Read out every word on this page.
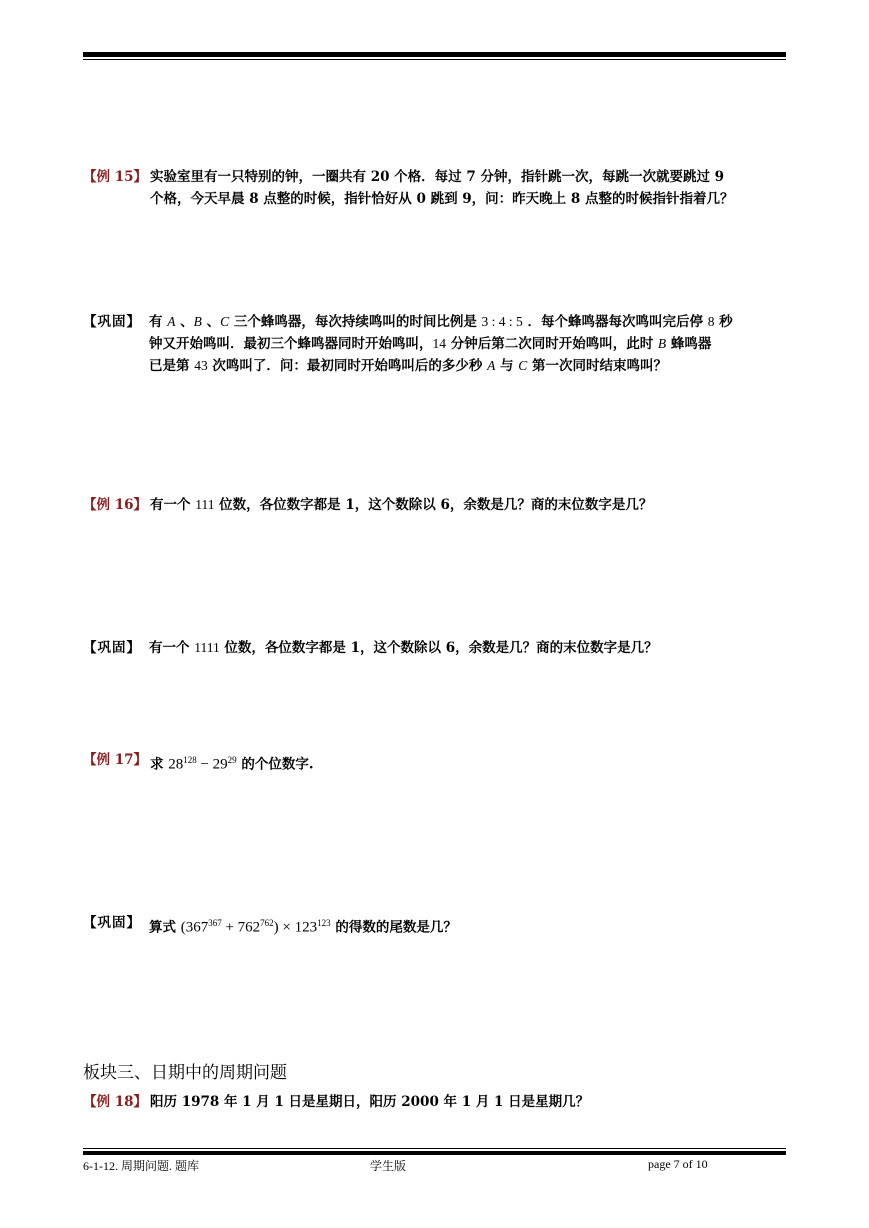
【例 15】 实验室里有一只特别的钟，一圈共有 20 个格．每过 7 分钟，指针跳一次，每跳一次就要跳过 9
个格，今天早晨 8 点整的时候，指针恰好从 0 跳到 9，问：昨天晚上 8 点整的时候指针指着几？
【巩固】 有 A 、B 、C 三个蜂鸣器，每次持续鸣叫的时间比例是 3 : 4 : 5 ．每个蜂鸣器每次鸣叫完后停 8 秒
钟又开始鸣叫．最初三个蜂鸣器同时开始鸣叫，14 分钟后第二次同时开始鸣叫，此时 B 蜂鸣器
已是第 43 次鸣叫了．问：最初同时开始鸣叫后的多少秒 A 与 C 第一次同时结束鸣叫？
【例 16】 有一个 111 位数，各位数字都是 1，这个数除以 6，余数是几？商的末位数字是几？
【巩固】 有一个 1111 位数，各位数字都是 1，这个数除以 6，余数是几？商的末位数字是几？
【例 17】 求 $28^{128} - 29^{29}$ 的个位数字.
【巩固】 算式 $(367^{367} + 762^{762}) \times 123^{123}$ 的得数的尾数是几？
板块三、日期中的周期问题
【例 18】 阳历 1978 年 1 月 1 日是星期日，阳历 2000 年 1 月 1 日是星期几？
6-1-12. 周期问题. 题库	学生版	page 7 of 10
